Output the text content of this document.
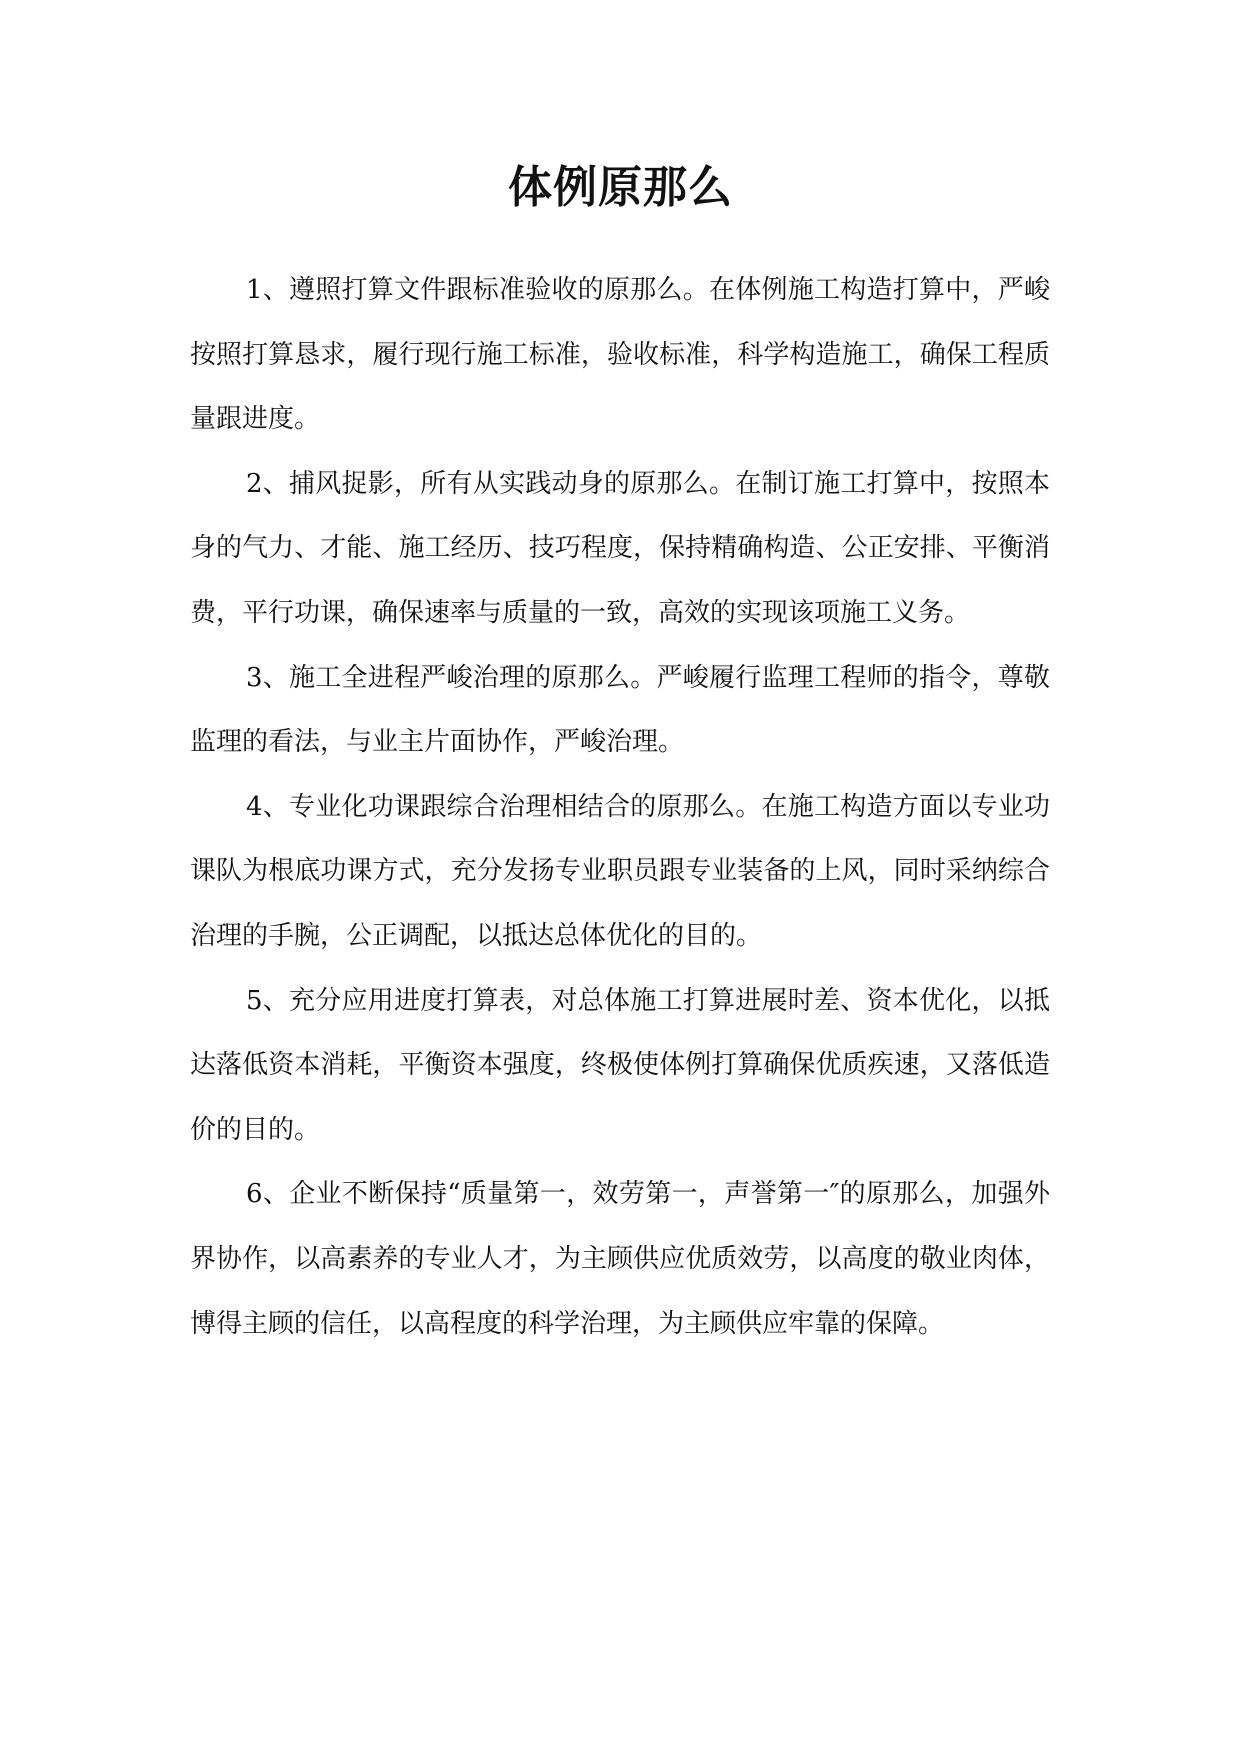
体例原那么

1、遵照打算文件跟标准验收的原那么。在体例施工构造打算中，严峻按照打算恳求，履行现行施工标准，验收标准，科学构造施工，确保工程质量跟进度。

2、捕风捉影，所有从实践动身的原那么。在制订施工打算中，按照本身的气力、才能、施工经历、技巧程度，保持精确构造、公正安排、平衡消费，平行功课，确保速率与质量的一致，高效的实现该项施工义务。

3、施工全进程严峻治理的原那么。严峻履行监理工程师的指令，尊敬监理的看法，与业主片面协作，严峻治理。

4、专业化功课跟综合治理相结合的原那么。在施工构造方面以专业功课队为根底功课方式，充分发扬专业职员跟专业装备的上风，同时采纳综合治理的手腕，公正调配，以抵达总体优化的目的。

5、充分应用进度打算表，对总体施工打算进展时差、资本优化，以抵达落低资本消耗，平衡资本强度，终极使体例打算确保优质疾速，又落低造价的目的。

6、企业不断保持“质量第一，效劳第一，声誉第一″的原那么，加强外界协作，以高素养的专业人才，为主顾供应优质效劳，以高度的敬业肉体，博得主顾的信任，以高程度的科学治理，为主顾供应牢靠的保障。
